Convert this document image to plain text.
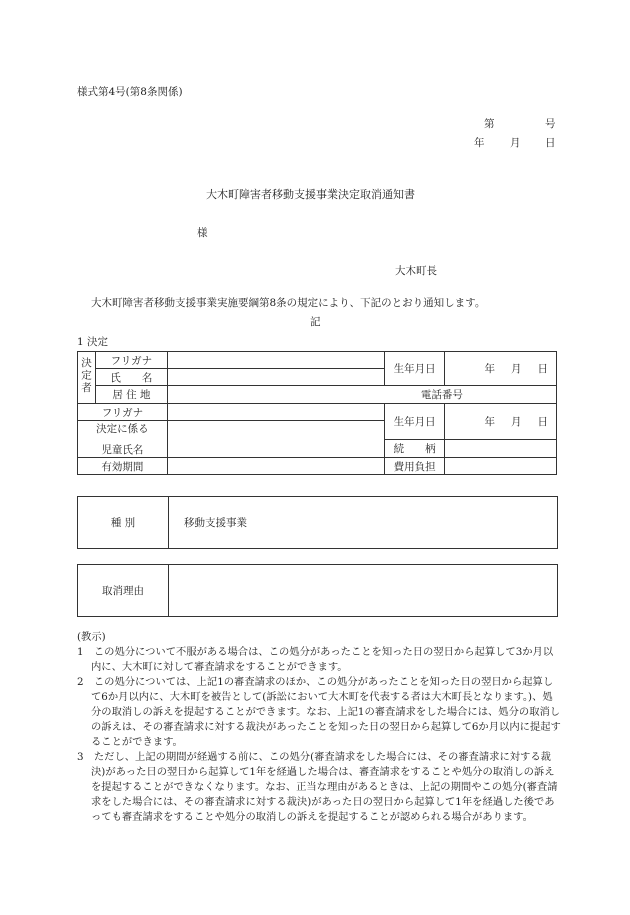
様式第4号(第8条関係)
第	号
年 月 日
大木町障害者移動支援事業決定取消通知書
様
大木町長
大木町障害者移動支援事業実施要綱第8条の規定により、下記のとおり通知します。
記
1 決定
決定者	フリガナ		生年月日	年 月 日

	氏　　名			
	居 住 地	電話番号		
フリガナ			生年月日	年 月 日

決定に係る
児童氏名				

			続　　柄	
有効期間			費用負担	
種 別	移動支援事業
取消理由
(教示)

1　この処分について不服がある場合は、この処分があったことを知った日の翌日から起算して3か月以内に、大木町に対して審査請求をすることができます。

2　この処分については、上記1の審査請求のほか、この処分があったことを知った日の翌日から起算して6か月以内に、大木町を被告として(訴訟において大木町を代表する者は大木町長となります。)、処分の取消しの訴えを提起することができます。なお、上記1の審査請求をした場合には、処分の取消しの訴えは、その審査請求に対する裁決があったことを知った日の翌日から起算して6か月以内に提起することができます。

3　ただし、上記の期間が経過する前に、この処分(審査請求をした場合には、その審査請求に対する裁決)があった日の翌日から起算して1年を経過した場合は、審査請求をすることや処分の取消しの訴えを提起することができなくなります。なお、正当な理由があるときは、上記の期間やこの処分(審査請求をした場合には、その審査請求に対する裁決)があった日の翌日から起算して1年を経過した後であっても審査請求をすることや処分の取消しの訴えを提起することが認められる場合があります。
